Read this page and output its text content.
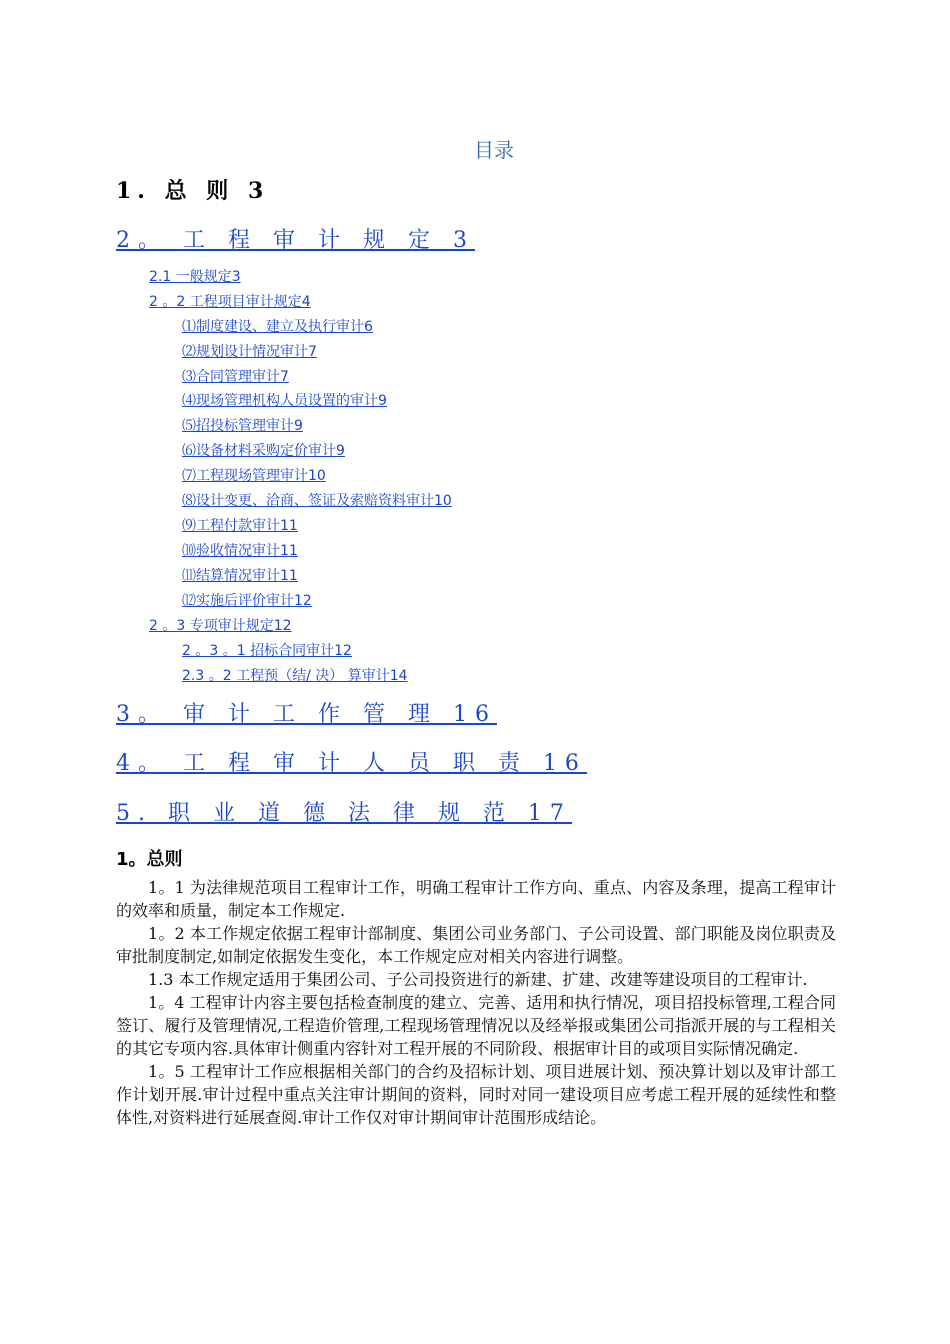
目录
1. 总 则 3
2。 工 程 审 计 规 定 3
2.1 一般规定3
2 。2 工程项目审计规定4
⑴制度建设、建立及执行审计6
⑵规划设计情况审计7
⑶合同管理审计7
⑷现场管理机构人员设置的审计9
⑸招投标管理审计9
⑹设备材料采购定价审计9
⑺工程现场管理审计10
⑻设计变更、洽商、签证及索赔资料审计10
⑼工程付款审计11
⑽验收情况审计11
⑾结算情况审计11
⑿实施后评价审计12
2 。3 专项审计规定12
2 。3 。1 招标合同审计12
2.3 。2 工程预（结/ 决） 算审计14
3。 审 计 工 作 管 理 16
4。 工 程 审 计 人 员 职 责 16
5. 职 业 道 德 法 律 规 范 17
1。总则

1。1 为法律规范项目工程审计工作，明确工程审计工作方向、重点、内容及条理，提高工程审计的效率和质量，制定本工作规定.

1。2 本工作规定依据工程审计部制度、集团公司业务部门、子公司设置、部门职能及岗位职责及审批制度制定,如制定依据发生变化，本工作规定应对相关内容进行调整。

1.3 本工作规定适用于集团公司、子公司投资进行的新建、扩建、改建等建设项目的工程审计.

1。4 工程审计内容主要包括检查制度的建立、完善、适用和执行情况，项目招投标管理,工程合同签订、履行及管理情况,工程造价管理,工程现场管理情况以及经举报或集团公司指派开展的与工程相关的其它专项内容.具体审计侧重内容针对工程开展的不同阶段、根据审计目的或项目实际情况确定.

1。5 工程审计工作应根据相关部门的合约及招标计划、项目进展计划、预决算计划以及审计部工作计划开展.审计过程中重点关注审计期间的资料，同时对同一建设项目应考虑工程开展的延续性和整体性,对资料进行延展查阅.审计工作仅对审计期间审计范围形成结论。
